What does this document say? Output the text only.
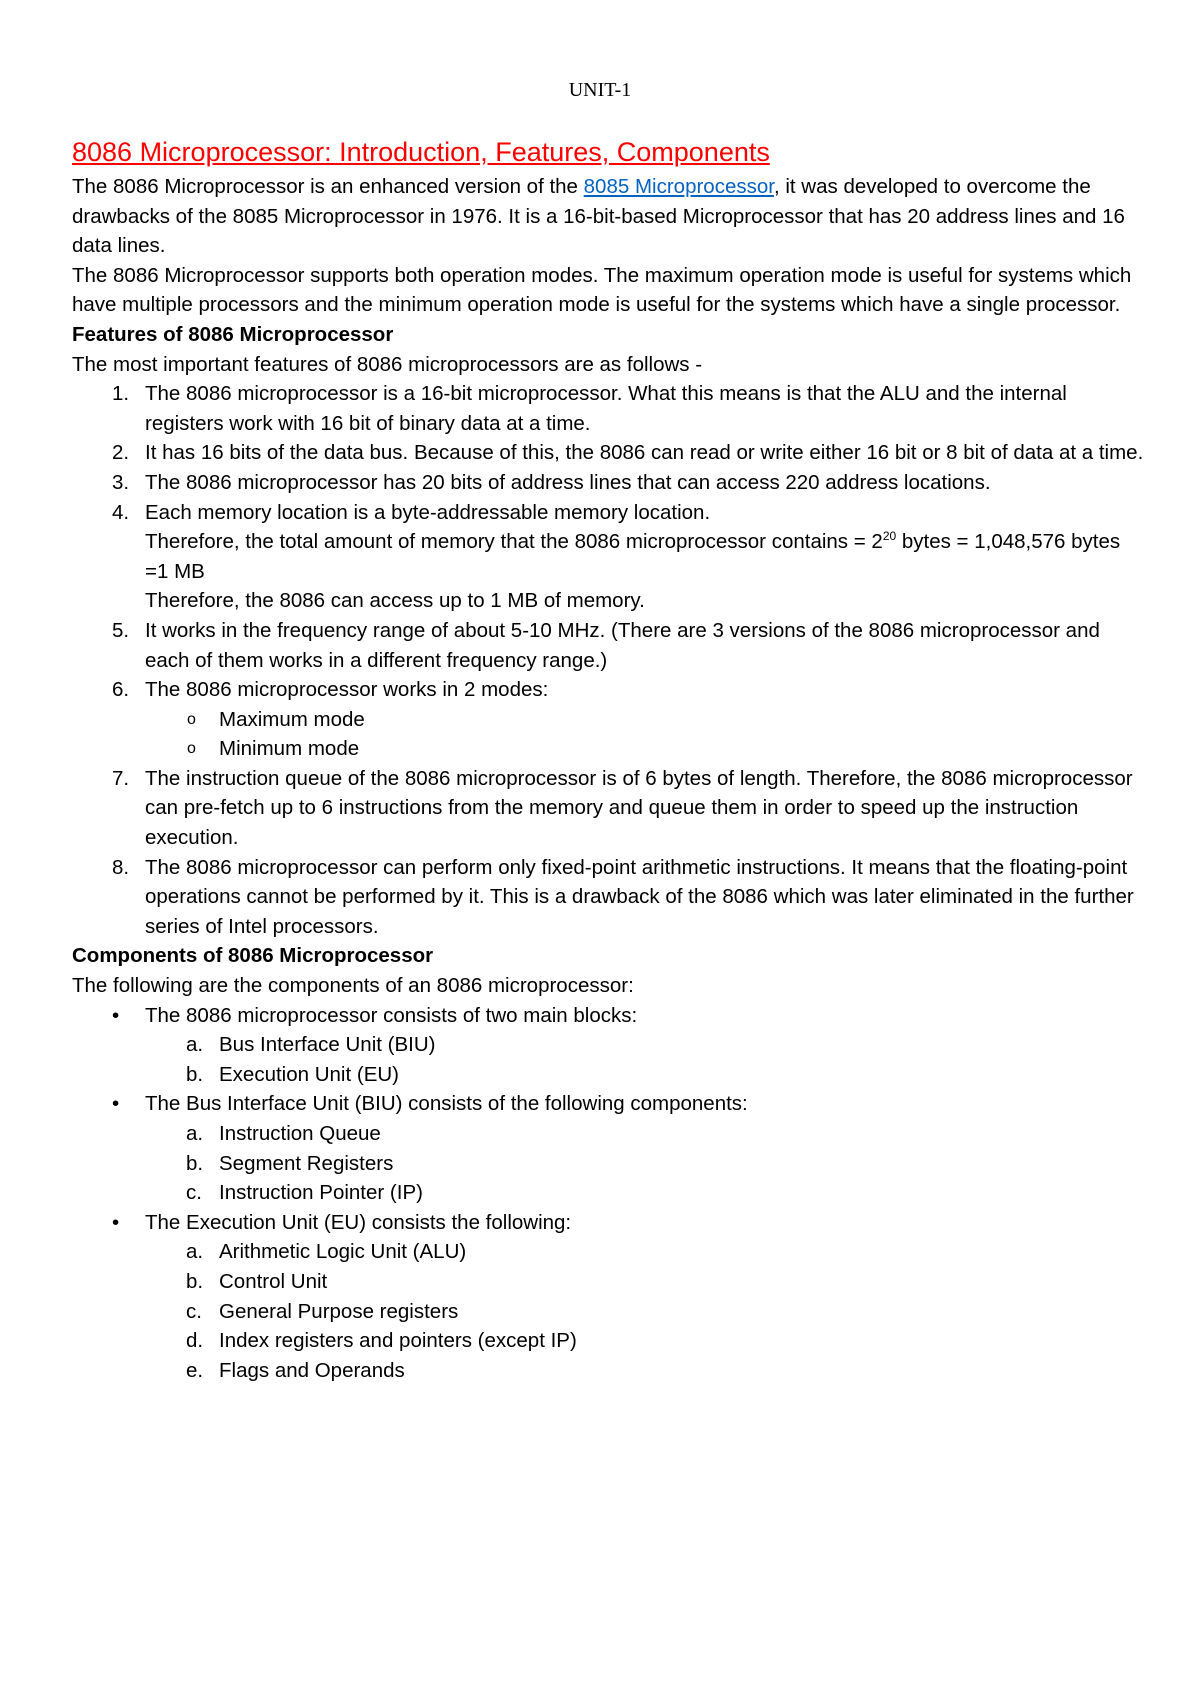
UNIT-1
8086 Microprocessor: Introduction, Features, Components

The 8086 Microprocessor is an enhanced version of the 8085 Microprocessor, it was developed to overcome the drawbacks of the 8085 Microprocessor in 1976. It is a 16-bit-based Microprocessor that has 20 address lines and 16 data lines.

The 8086 Microprocessor supports both operation modes. The maximum operation mode is useful for systems which have multiple processors and the minimum operation mode is useful for the systems which have a single processor.

Features of 8086 Microprocessor

The most important features of 8086 microprocessors are as follows -

1. The 8086 microprocessor is a 16-bit microprocessor. What this means is that the ALU and the internal registers work with 16 bit of binary data at a time.
2. It has 16 bits of the data bus. Because of this, the 8086 can read or write either 16 bit or 8 bit of data at a time.
3. The 8086 microprocessor has 20 bits of address lines that can access 220 address locations.
4. Each memory location is a byte-addressable memory location.
Therefore, the total amount of memory that the 8086 microprocessor contains = $2^{20}$ bytes = 1,048,576 bytes =1 MB
Therefore, the 8086 can access up to 1 MB of memory.
5. It works in the frequency range of about 5-10 MHz. (There are 3 versions of the 8086 microprocessor and each of them works in a different frequency range.)
6. The 8086 microprocessor works in 2 modes:
o Maximum mode
o Minimum mode
7. The instruction queue of the 8086 microprocessor is of 6 bytes of length. Therefore, the 8086 microprocessor can pre-fetch up to 6 instructions from the memory and queue them in order to speed up the instruction execution.
8. The 8086 microprocessor can perform only fixed-point arithmetic instructions. It means that the floating-point operations cannot be performed by it. This is a drawback of the 8086 which was later eliminated in the further series of Intel processors.

Components of 8086 Microprocessor

The following are the components of an 8086 microprocessor:

• The 8086 microprocessor consists of two main blocks:
a. Bus Interface Unit (BIU)
b. Execution Unit (EU)
• The Bus Interface Unit (BIU) consists of the following components:
a. Instruction Queue
b. Segment Registers
c. Instruction Pointer (IP)
• The Execution Unit (EU) consists the following:
a. Arithmetic Logic Unit (ALU)
b. Control Unit
c. General Purpose registers
d. Index registers and pointers (except IP)
e. Flags and Operands
